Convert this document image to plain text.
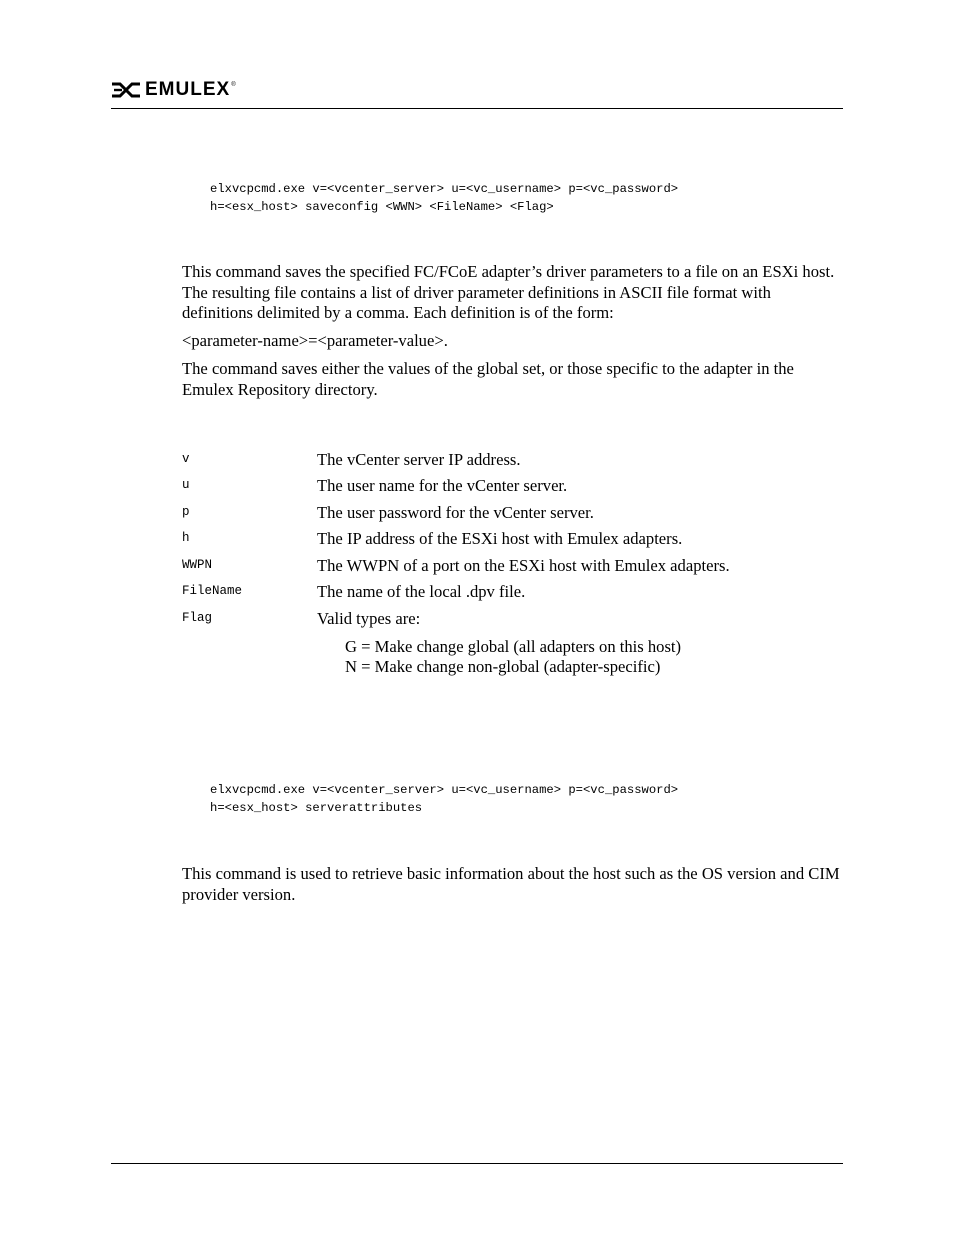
EMULEX ®
elxvcpcmd.exe v=<vcenter_server> u=<vc_username> p=<vc_password>
h=<esx_host> saveconfig <WWN> <FileName> <Flag>
This command saves the specified FC/FCoE adapter’s driver parameters to a file on an ESXi host. The resulting file contains a list of driver parameter definitions in ASCII file format with definitions delimited by a comma. Each definition is of the form:
<parameter-name>=<parameter-value>.
The command saves either the values of the global set, or those specific to the adapter in the Emulex Repository directory.
v	The vCenter server IP address.
u	The user name for the vCenter server.
p	The user password for the vCenter server.
h	The IP address of the ESXi host with Emulex adapters.
WWPN	The WWPN of a port on the ESXi host with Emulex adapters.
FileName	The name of the local .dpv file.
Flag	Valid types are:
G = Make change global (all adapters on this host)
N = Make change non-global (adapter-specific)
elxvcpcmd.exe v=<vcenter_server> u=<vc_username> p=<vc_password>
h=<esx_host> serverattributes
This command is used to retrieve basic information about the host such as the OS version and CIM provider version.
